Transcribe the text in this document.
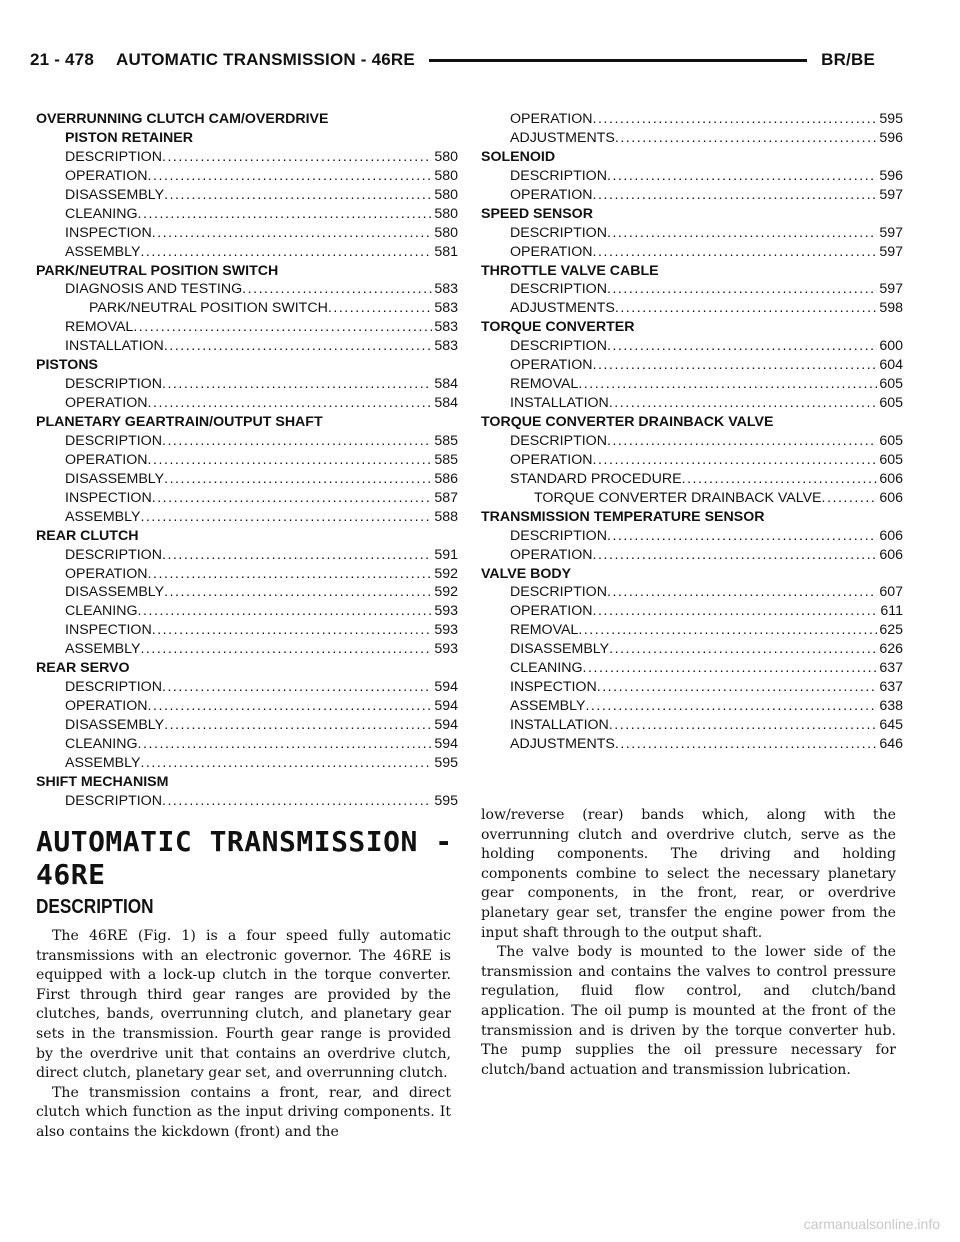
21 - 478 AUTOMATIC TRANSMISSION - 46RE	BR/BE
OVERRUNNING CLUTCH CAM/OVERDRIVE
PISTON RETAINER
DESCRIPTION . . .	580
OPERATION . . .	580
DISASSEMBLY . . .	580
CLEANING . . .	580
INSPECTION . . .	580
ASSEMBLY . . .	581
PARK/NEUTRAL POSITION SWITCH
DIAGNOSIS AND TESTING . . .	583
PARK/NEUTRAL POSITION SWITCH . . .	583
REMOVAL . . .	583
INSTALLATION . . .	583
PISTONS
DESCRIPTION . . .	584
OPERATION . . .	584
PLANETARY GEARTRAIN/OUTPUT SHAFT
DESCRIPTION . . .	585
OPERATION . . .	585
DISASSEMBLY . . .	586
INSPECTION . . .	587
ASSEMBLY . . .	588
REAR CLUTCH
DESCRIPTION . . .	591
OPERATION . . .	592
DISASSEMBLY . . .	592
CLEANING . . .	593
INSPECTION . . .	593
ASSEMBLY . . .	593
REAR SERVO
DESCRIPTION . . .	594
OPERATION . . .	594
DISASSEMBLY . . .	594
CLEANING . . .	594
ASSEMBLY . . .	595
SHIFT MECHANISM
DESCRIPTION . . .	595
OPERATION . . .	595
ADJUSTMENTS . . .	596
SOLENOID
DESCRIPTION . . .	596
OPERATION . . .	597
SPEED SENSOR
DESCRIPTION . . .	597
OPERATION . . .	597
THROTTLE VALVE CABLE
DESCRIPTION . . .	597
ADJUSTMENTS . . .	598
TORQUE CONVERTER
DESCRIPTION . . .	600
OPERATION . . .	604
REMOVAL . . .	605
INSTALLATION . . .	605
TORQUE CONVERTER DRAINBACK VALVE
DESCRIPTION . . .	605
OPERATION . . .	605
STANDARD PROCEDURE . . .	606
TORQUE CONVERTER DRAINBACK VALVE . . .	606
TRANSMISSION TEMPERATURE SENSOR
DESCRIPTION . . .	606
OPERATION . . .	606
VALVE BODY
DESCRIPTION . . .	607
OPERATION . . .	611
REMOVAL . . .	625
DISASSEMBLY . . .	626
CLEANING . . .	637
INSPECTION . . .	637
ASSEMBLY . . .	638
INSTALLATION . . .	645
ADJUSTMENTS . . .	646
AUTOMATIC TRANSMISSION - 46RE
DESCRIPTION

The 46RE (Fig. 1) is a four speed fully automatic transmissions with an electronic governor. The 46RE is equipped with a lock-up clutch in the torque converter. First through third gear ranges are provided by the clutches, bands, overrunning clutch, and planetary gear sets in the transmission. Fourth gear range is provided by the overdrive unit that contains an overdrive clutch, direct clutch, planetary gear set, and overrunning clutch.

The transmission contains a front, rear, and direct clutch which function as the input driving components. It also contains the kickdown (front) and the

low/reverse (rear) bands which, along with the overrunning clutch and overdrive clutch, serve as the holding components. The driving and holding components combine to select the necessary planetary gear components, in the front, rear, or overdrive planetary gear set, transfer the engine power from the input shaft through to the output shaft.

The valve body is mounted to the lower side of the transmission and contains the valves to control pressure regulation, fluid flow control, and clutch/band application. The oil pump is mounted at the front of the transmission and is driven by the torque converter hub. The pump supplies the oil pressure necessary for clutch/band actuation and transmission lubrication.

carmanualsonline.info
